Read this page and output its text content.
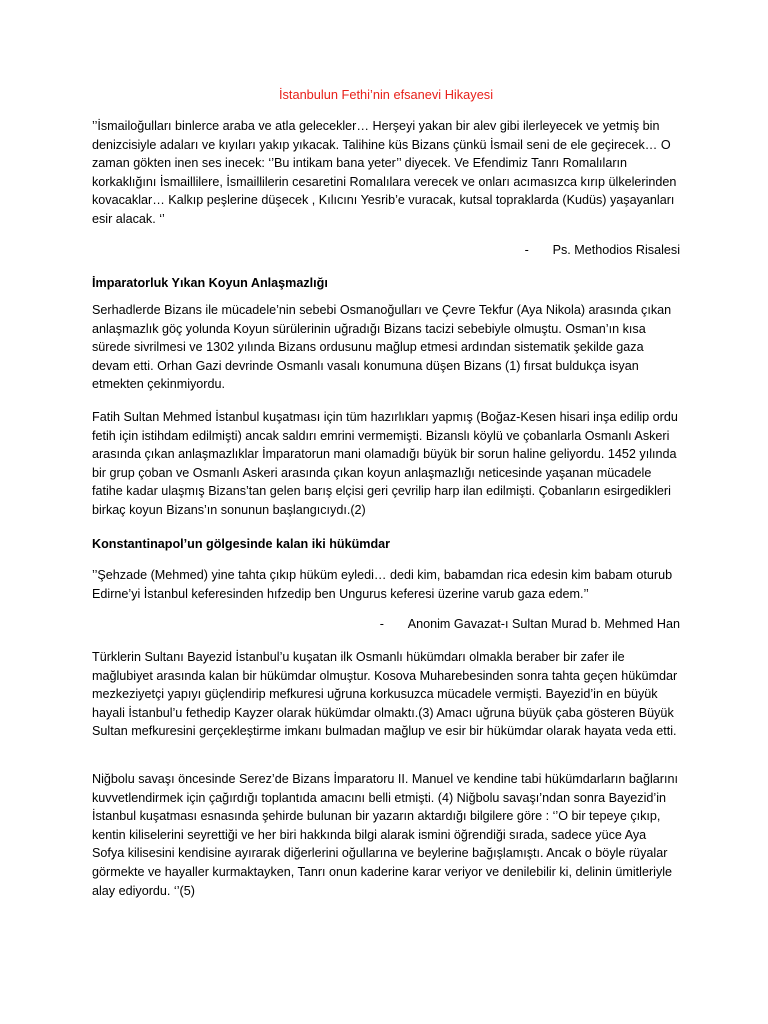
İstanbulun Fethi’nin efsanevi Hikayesi

’’İsmailoğulları binlerce araba ve atla gelecekler… Herşeyi yakan bir alev gibi ilerleyecek ve yetmiş bin denizcisiyle adaları ve kıyıları yakıp yıkacak. Talihine küs Bizans çünkü İsmail seni de ele geçirecek… O zaman gökten inen ses inecek: ‘’Bu intikam bana yeter’’ diyecek. Ve Efendimiz Tanrı Romalıların korkaklığını İsmaillilere, İsmaillilerin cesaretini Romalılara verecek ve onları acımasızca kırıp ülkelerinden kovacaklar… Kalkıp peşlerine düşecek , Kılıcını Yesrib’e vuracak, kutsal topraklarda (Kudüs) yaşayanları esir alacak. ‘’

- Ps. Methodios Risalesi
İmparatorluk Yıkan Koyun Anlaşmazlığı

Serhadlerde Bizans ile mücadele’nin sebebi Osmanoğulları ve Çevre Tekfur (Aya Nikola) arasında çıkan anlaşmazlık göç yolunda Koyun sürülerinin uğradığı Bizans tacizi sebebiyle olmuştu. Osman’ın kısa sürede sivrilmesi ve 1302 yılında Bizans ordusunu mağlup etmesi ardından sistematik şekilde gaza devam etti. Orhan Gazi devrinde Osmanlı vasalı konumuna düşen Bizans (1) fırsat buldukça isyan etmekten çekinmiyordu.

Fatih Sultan Mehmed İstanbul kuşatması için tüm hazırlıkları yapmış (Boğaz-Kesen hisari inşa edilip ordu fetih için istihdam edilmişti) ancak saldırı emrini vermemişti. Bizanslı köylü ve çobanlarla Osmanlı Askeri arasında çıkan anlaşmazlıklar İmparatorun mani olamadığı büyük bir sorun haline geliyordu. 1452 yılında bir grup çoban ve Osmanlı Askeri arasında çıkan koyun anlaşmazlığı neticesinde yaşanan mücadele fatihe kadar ulaşmış Bizans’tan gelen barış elçisi geri çevrilip harp ilan edilmişti. Çobanların esirgedikleri birkaç koyun Bizans’ın sonunun başlangıcıydı.(2)

Konstantinapol’un gölgesinde kalan iki hükümdar

’’Şehzade (Mehmed) yine tahta çıkıp hüküm eyledi… dedi kim, babamdan rica edesin kim babam oturub Edirne’yi İstanbul keferesinden hıfzedip ben Ungurus keferesi üzerine varub gaza edem.’’

- Anonim Gavazat-ı Sultan Murad b. Mehmed Han

Türklerin Sultanı Bayezid İstanbul’u kuşatan ilk Osmanlı hükümdarı olmakla beraber bir zafer ile mağlubiyet arasında kalan bir hükümdar olmuştur. Kosova Muharebesinden sonra tahta geçen hükümdar mezkeziyetçi yapıyı güçlendirip mefkuresi uğruna korkusuzca mücadele vermişti. Bayezid’in en büyük hayali İstanbul’u fethedip Kayzer olarak hükümdar olmaktı.(3) Amacı uğruna büyük çaba gösteren Büyük Sultan mefkuresini gerçekleştirme imkanı bulmadan mağlup ve esir bir hükümdar olarak hayata veda etti.

Niğbolu savaşı öncesinde Serez’de Bizans İmparatoru II. Manuel ve kendine tabi hükümdarların bağlarını kuvvetlendirmek için çağırdığı toplantıda amacını belli etmişti. (4) Niğbolu savaşı’ndan sonra Bayezid’in İstanbul kuşatması esnasında şehirde bulunan bir yazarın aktardığı bilgilere göre : ‘’O bir tepeye çıkıp, kentin kiliselerini seyrettiği ve her biri hakkında bilgi alarak ismini öğrendiği sırada, sadece yüce Aya Sofya kilisesini kendisine ayırarak diğerlerini oğullarına ve beylerine bağışlamıştı. Ancak o böyle rüyalar görmekte ve hayaller kurmaktayken, Tanrı onun kaderine karar veriyor ve denilebilir ki, delinin ümitleriyle alay ediyordu. ‘’(5)
